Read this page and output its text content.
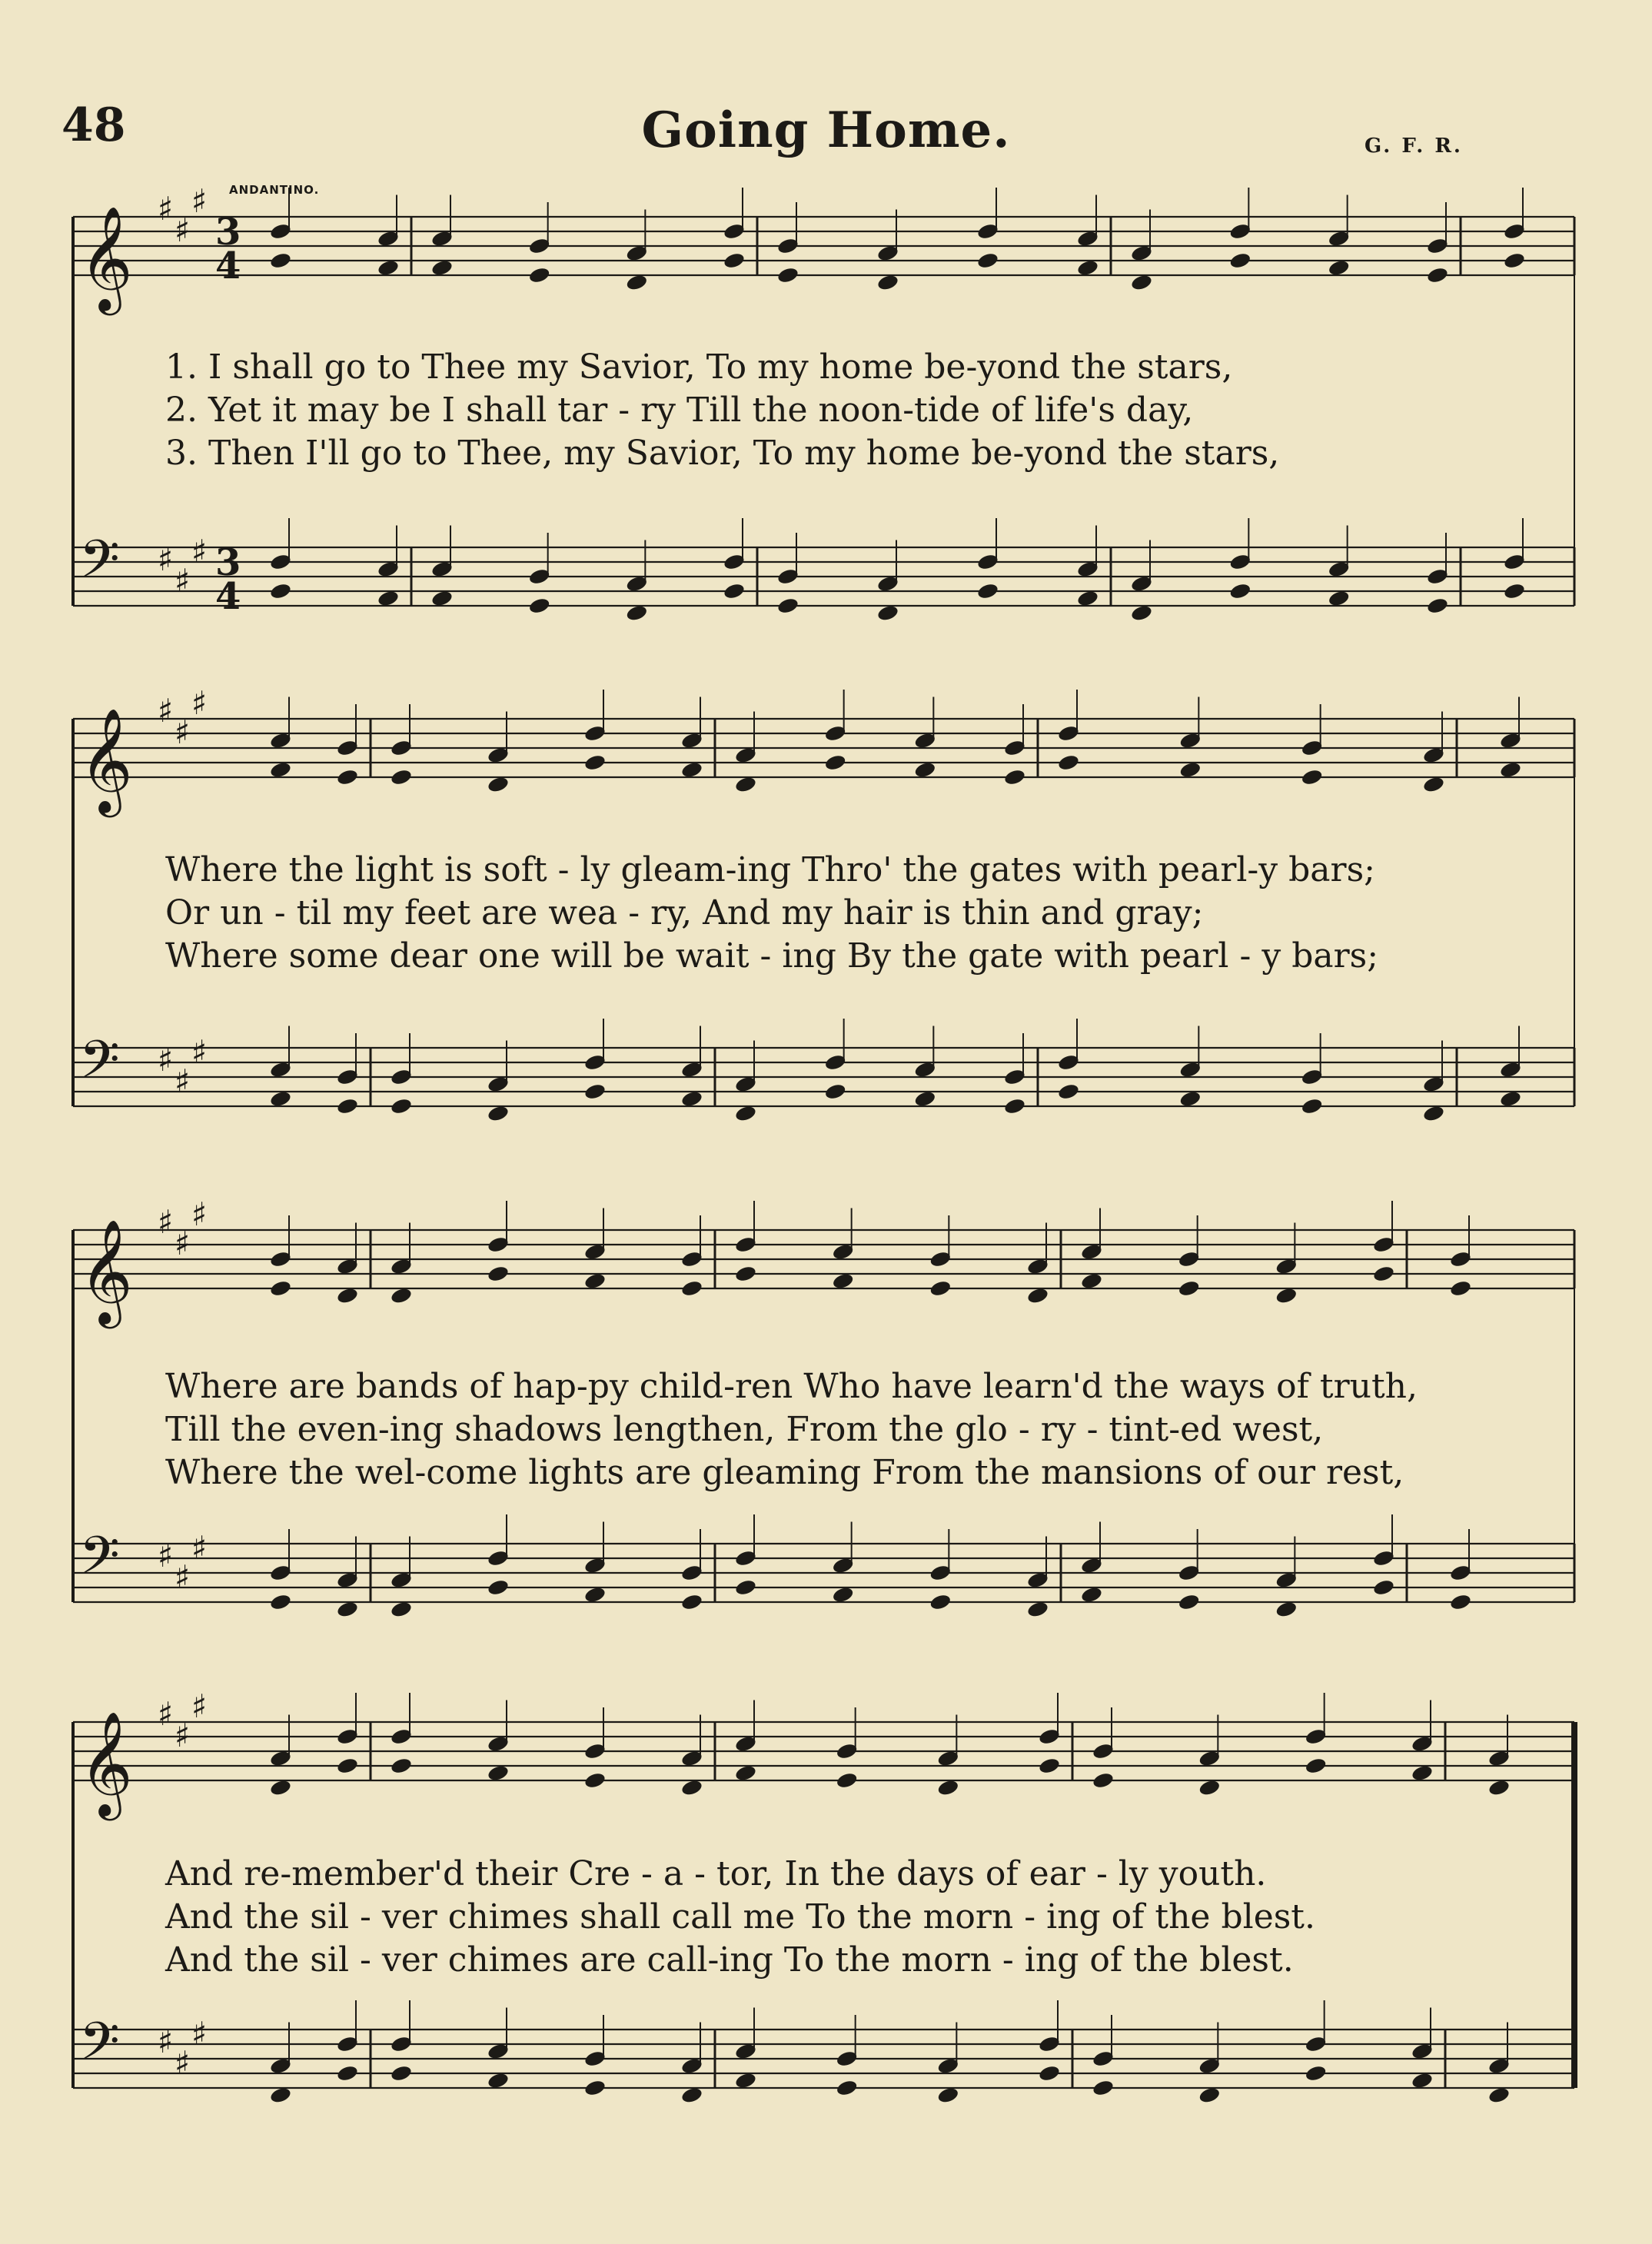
48	Going Home.	G. F. R.
ANDANTINO.
𝄞 ♯
♯
♯
3
4
𝄢 ♯
♯
♯ 3
4
𝄞 ♯
♯
♯
𝄢 ♯
♯
♯
𝄞 ♯
♯
♯
𝄢 ♯
♯
♯
𝄞 ♯
♯
♯
𝄢 ♯
♯
♯
1. I shall go to Thee my Savior, To my home be-yond the stars,
2. Yet it may be I shall tar - ry Till the noon-tide of life's day,
3. Then I'll go to Thee, my Savior, To my home be-yond the stars,
Where the light is soft - ly gleam-ing Thro' the gates with pearl-y bars;
Or un - til my feet are wea - ry, And my hair is thin and gray;
Where some dear one will be wait - ing By the gate with pearl - y bars;
Where are bands of hap-py child-ren Who have learn'd the ways of truth,
Till the even-ing shadows lengthen, From the glo - ry - tint-ed west,
Where the wel-come lights are gleaming From the mansions of our rest,
And re-member'd their Cre - a - tor, In the days of ear - ly youth.
And the sil - ver chimes shall call me To the morn - ing of the blest.
And the sil - ver chimes are call-ing To the morn - ing of the blest.
